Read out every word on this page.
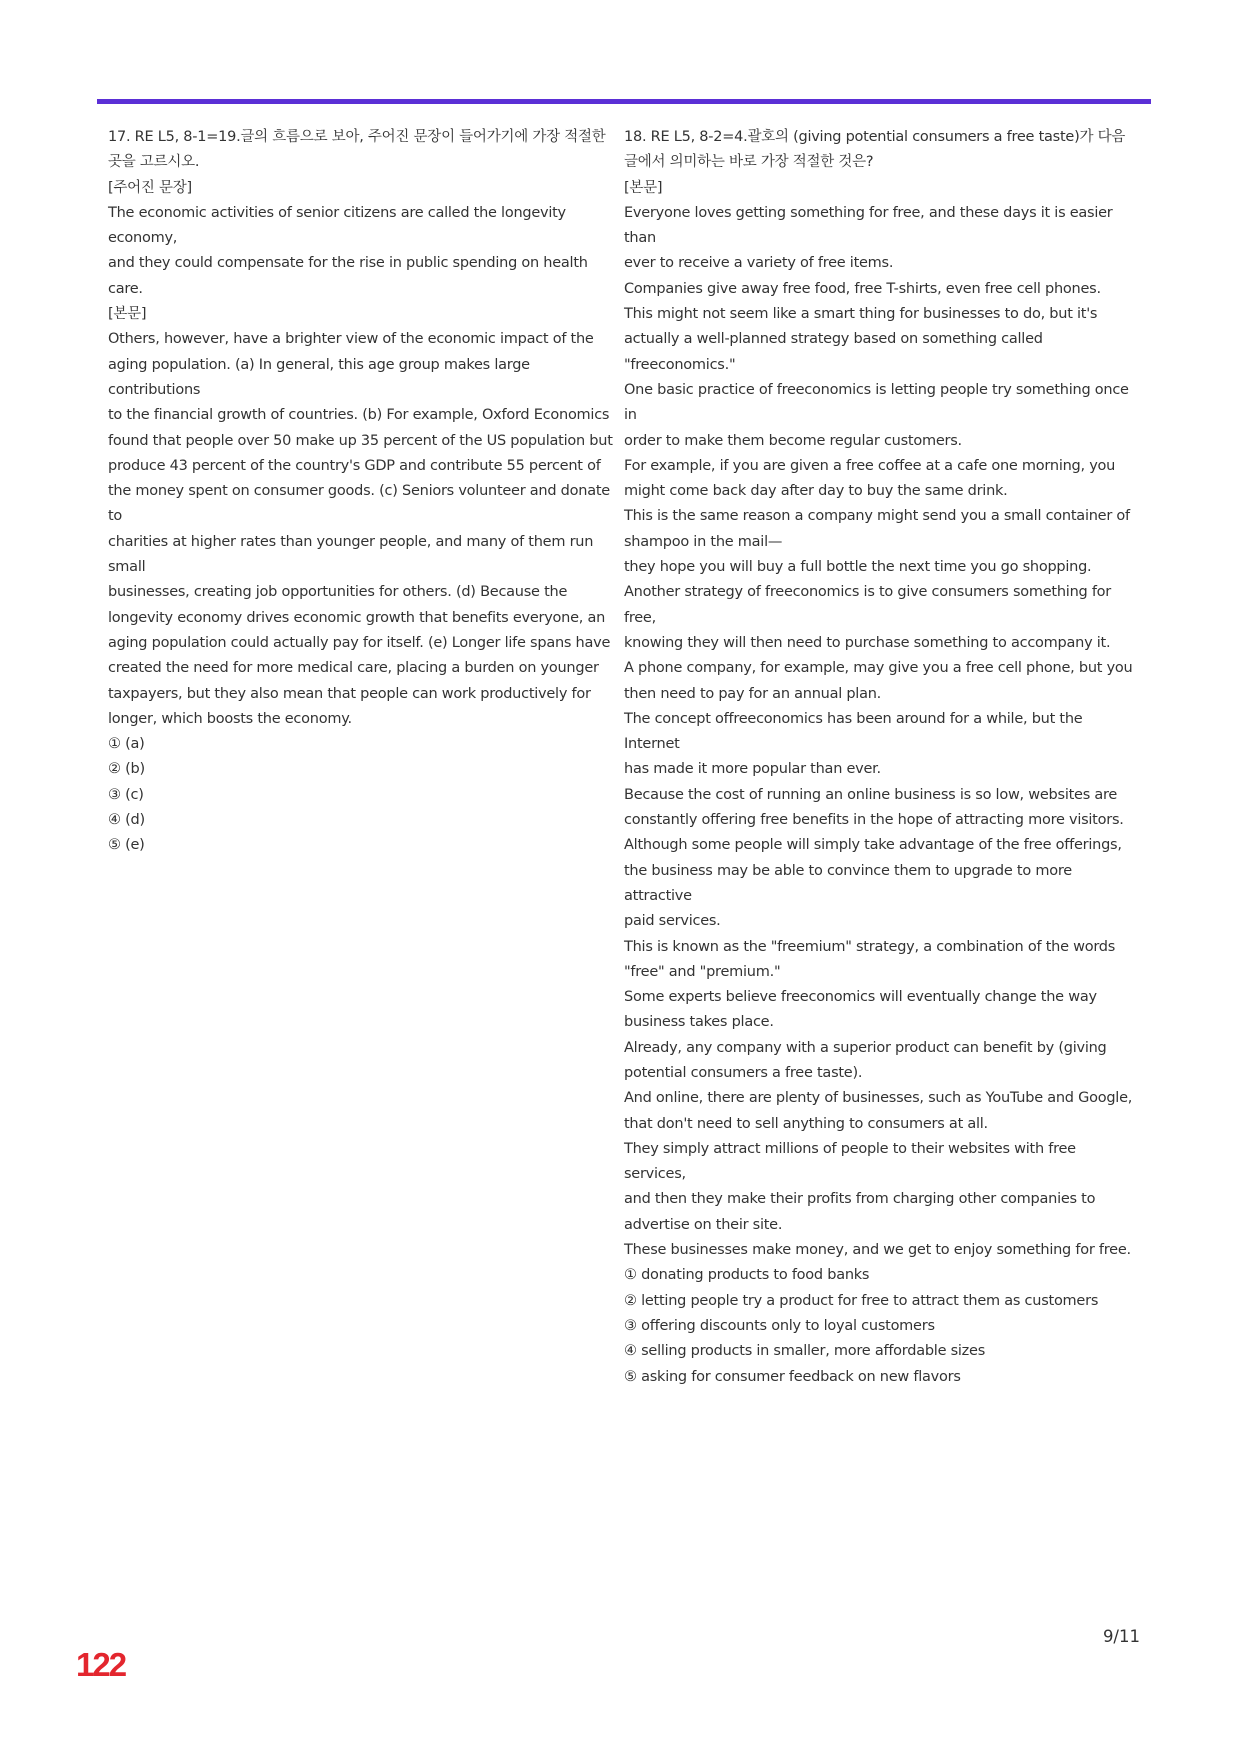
17. RE L5, 8-1=19.글의 흐름으로 보아, 주어진 문장이 들어가기에 가장 적절한

곳을 고르시오.

[주어진 문장]

The economic activities of senior citizens are called the longevity economy,

and they could compensate for the rise in public spending on health care.

[본문]

Others, however, have a brighter view of the economic impact of the

aging population. (a) In general, this age group makes large contributions

to the financial growth of countries. (b) For example, Oxford Economics

found that people over 50 make up 35 percent of the US population but

produce 43 percent of the country's GDP and contribute 55 percent of

the money spent on consumer goods. (c) Seniors volunteer and donate to

charities at higher rates than younger people, and many of them run small

businesses, creating job opportunities for others. (d) Because the

longevity economy drives economic growth that benefits everyone, an

aging population could actually pay for itself. (e) Longer life spans have

created the need for more medical care, placing a burden on younger

taxpayers, but they also mean that people can work productively for

longer, which boosts the economy.

① (a)

② (b)

③ (c)

④ (d)

⑤ (e)

18. RE L5, 8-2=4.괄호의 (giving potential consumers a free taste)가 다음

글에서 의미하는 바로 가장 적절한 것은?

[본문]

Everyone loves getting something for free, and these days it is easier than

ever to receive a variety of free items.

Companies give away free food, free T-shirts, even free cell phones.

This might not seem like a smart thing for businesses to do, but it's

actually a well-planned strategy based on something called

"freeconomics."

One basic practice of freeconomics is letting people try something once in

order to make them become regular customers.

For example, if you are given a free coffee at a cafe one morning, you

might come back day after day to buy the same drink.

This is the same reason a company might send you a small container of

shampoo in the mail—

they hope you will buy a full bottle the next time you go shopping.

Another strategy of freeconomics is to give consumers something for free,

knowing they will then need to purchase something to accompany it.

A phone company, for example, may give you a free cell phone, but you

then need to pay for an annual plan.

The concept offreeconomics has been around for a while, but the Internet

has made it more popular than ever.

Because the cost of running an online business is so low, websites are

constantly offering free benefits in the hope of attracting more visitors.

Although some people will simply take advantage of the free offerings,

the business may be able to convince them to upgrade to more attractive

paid services.

This is known as the "freemium" strategy, a combination of the words

"free" and "premium."

Some experts believe freeconomics will eventually change the way

business takes place.

Already, any company with a superior product can benefit by (giving

potential consumers a free taste).

And online, there are plenty of businesses, such as YouTube and Google,

that don't need to sell anything to consumers at all.

They simply attract millions of people to their websites with free services,

and then they make their profits from charging other companies to

advertise on their site.

These businesses make money, and we get to enjoy something for free.

① donating products to food banks

② letting people try a product for free to attract them as customers

③ offering discounts only to loyal customers

④ selling products in smaller, more affordable sizes

⑤ asking for consumer feedback on new flavors

9/11
122
